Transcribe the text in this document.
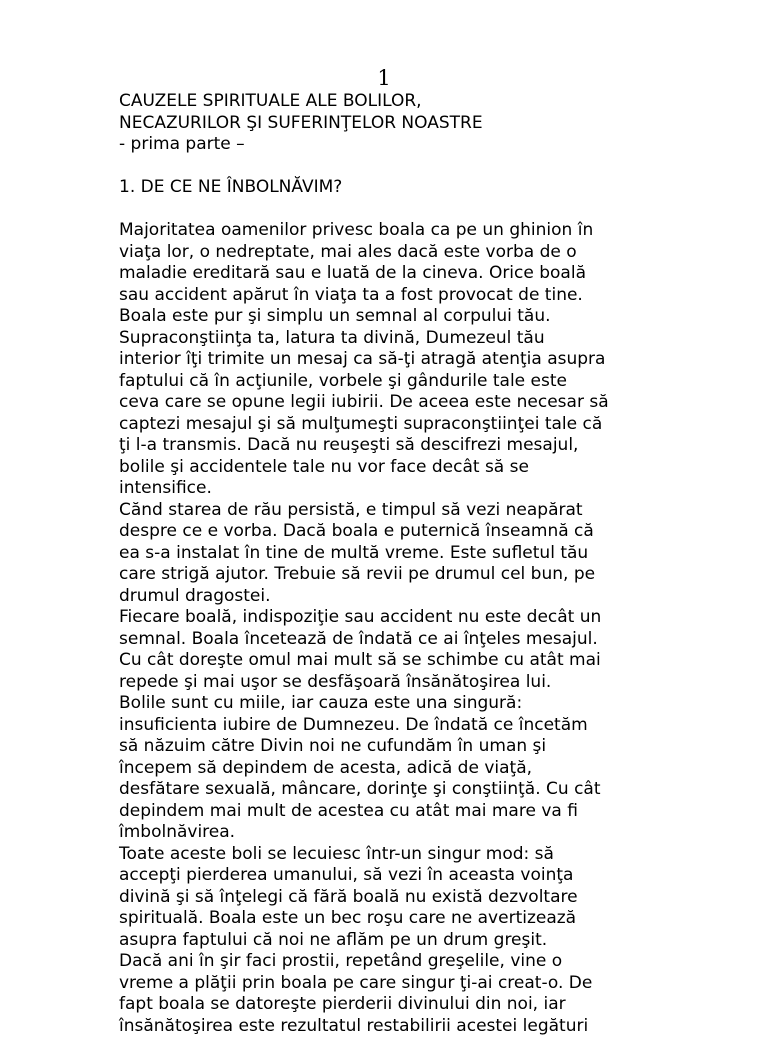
1
CAUZELE SPIRITUALE ALE BOLILOR,
NECAZURILOR ŞI SUFERINŢELOR NOASTRE
- prima parte –
1. DE CE NE ÎNBOLNĂVIM?
Majoritatea oamenilor privesc boala ca pe un ghinion în
viaţa lor, o nedreptate, mai ales dacă este vorba de o
maladie ereditară sau e luată de la cineva. Orice boală
sau accident apărut în viaţa ta a fost provocat de tine.
Boala este pur şi simplu un semnal al corpului tău.
Supraconştiinţa ta, latura ta divină, Dumezeul tău
interior îţi trimite un mesaj ca să-ţi atragă atenţia asupra
faptului că în acţiunile, vorbele şi gândurile tale este
ceva care se opune legii iubirii. De aceea este necesar să
captezi mesajul şi să mulţumeşti supraconştiinţei tale că
ţi l-a transmis. Dacă nu reuşeşti să descifrezi mesajul,
bolile şi accidentele tale nu vor face decât să se
intensifice.
Cănd starea de rău persistă, e timpul să vezi neapărat
despre ce e vorba. Dacă boala e puternică înseamnă că
ea s-a instalat în tine de multă vreme. Este sufletul tău
care strigă ajutor. Trebuie să revii pe drumul cel bun, pe
drumul dragostei.
Fiecare boală, indispoziţie sau accident nu este decât un
semnal. Boala încetează de îndată ce ai înţeles mesajul.
Cu cât doreşte omul mai mult să se schimbe cu atât mai
repede şi mai uşor se desfăşoară însănătoşirea lui.
Bolile sunt cu miile, iar cauza este una singură:
insuficienta iubire de Dumnezeu. De îndată ce încetăm
să năzuim către Divin noi ne cufundăm în uman şi
începem să depindem de acesta, adică de viaţă,
desfătare sexuală, mâncare, dorinţe şi conştiinţă. Cu cât
depindem mai mult de acestea cu atât mai mare va fi
îmbolnăvirea.
Toate aceste boli se lecuiesc într-un singur mod: să
accepţi pierderea umanului, să vezi în aceasta voinţa
divină şi să înţelegi că fără boală nu există dezvoltare
spirituală. Boala este un bec roşu care ne avertizează
asupra faptului că noi ne aflăm pe un drum greşit.
Dacă ani în şir faci prostii, repetând greşelile, vine o
vreme a plăţii prin boala pe care singur ţi-ai creat-o. De
fapt boala se datoreşte pierderii divinului din noi, iar
însănătoşirea este rezultatul restabilirii acestei legături
